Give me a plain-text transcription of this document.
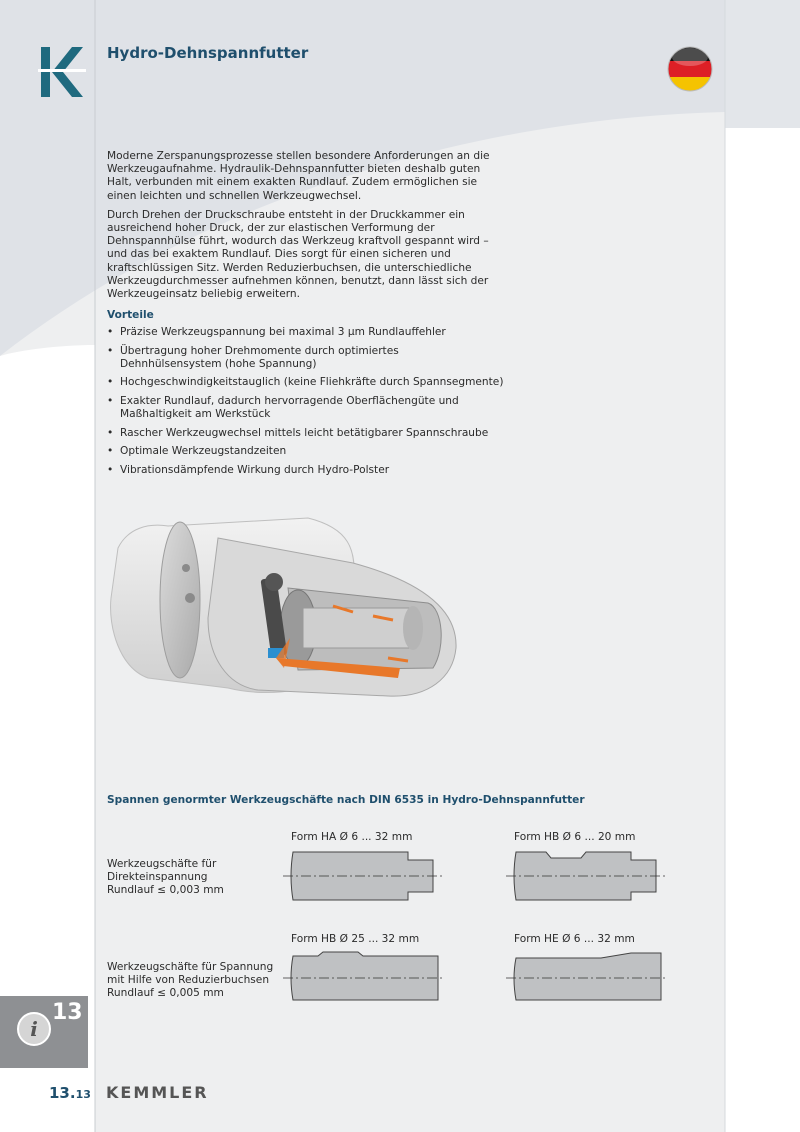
Hydro-Dehnspannfutter

Moderne Zerspanungsprozesse stellen besondere Anforderungen an die Werkzeugaufnahme. Hydraulik-Dehnspannfutter bieten deshalb guten Halt, verbunden mit einem exakten Rundlauf. Zudem ermöglichen sie einen leichten und schnellen Werkzeugwechsel.

Durch Drehen der Druckschraube entsteht in der Druckkammer ein ausreichend hoher Druck, der zur elastischen Verformung der Dehnspannhülse führt, wodurch das Werkzeug kraftvoll gespannt wird – und das bei exaktem Rundlauf. Dies sorgt für einen sicheren und kraftschlüssigen Sitz. Werden Reduzierbuchsen, die unterschiedliche Werkzeugdurchmesser aufnehmen können, benutzt, dann lässt sich der Werkzeugeinsatz beliebig erweitern.

Vorteile
• Präzise Werkzeugspannung bei maximal 3 µm Rundlauffehler
• Übertragung hoher Drehmomente durch optimiertes Dehnhülsensystem (hohe Spannung)
• Hochgeschwindigkeitstauglich (keine Fliehkräfte durch Spannsegmente)
• Exakter Rundlauf, dadurch hervorragende Oberflächengüte und Maßhaltigkeit am Werkstück
• Rascher Werkzeugwechsel mittels leicht betätigbarer Spannschraube
• Optimale Werkzeugstandzeiten
• Vibrationsdämpfende Wirkung durch Hydro-Polster
Spannen genormter Werkzeugschäfte nach DIN 6535 in Hydro-Dehnspannfutter
Form HA Ø 6 ... 32 mm	Form HB Ø 6 ... 20 mm
Form HB Ø 25 ... 32 mm	Form HE Ø 6 ... 32 mm
Werkzeugschäfte für
Direkteinspannung
Rundlauf ≤ 0,003 mm
Werkzeugschäfte für Spannung
mit Hilfe von Reduzierbuchsen
Rundlauf ≤ 0,005 mm
i
13
13.13 KEMMLER
